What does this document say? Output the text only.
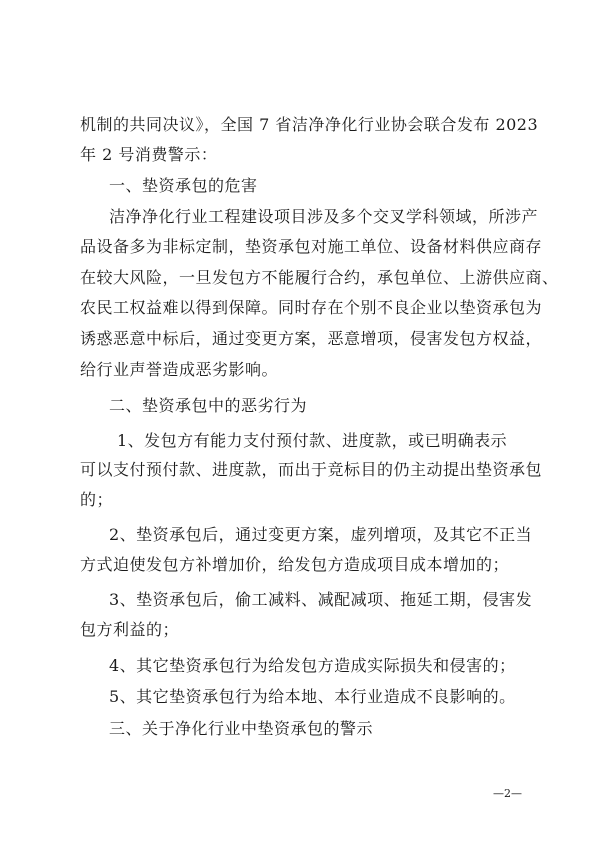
机制的共同决议》，全国 7 省洁净净化行业协会联合发布 2023
年 2 号消费警示：
一、垫资承包的危害
洁净净化行业工程建设项目涉及多个交叉学科领域，所涉产
品设备多为非标定制，垫资承包对施工单位、设备材料供应商存
在较大风险，一旦发包方不能履行合约，承包单位、上游供应商、
农民工权益难以得到保障。同时存在个别不良企业以垫资承包为
诱惑恶意中标后，通过变更方案，恶意增项，侵害发包方权益，
给行业声誉造成恶劣影响。
二、垫资承包中的恶劣行为
1、发包方有能力支付预付款、进度款，或已明确表示
可以支付预付款、进度款，而出于竞标目的仍主动提出垫资承包
的；
2、垫资承包后，通过变更方案，虚列增项，及其它不正当
方式迫使发包方补增加价，给发包方造成项目成本增加的；
3、垫资承包后，偷工减料、减配减项、拖延工期，侵害发
包方利益的；
4、其它垫资承包行为给发包方造成实际损失和侵害的；
5、其它垫资承包行为给本地、本行业造成不良影响的。
三、关于净化行业中垫资承包的警示
—2—
